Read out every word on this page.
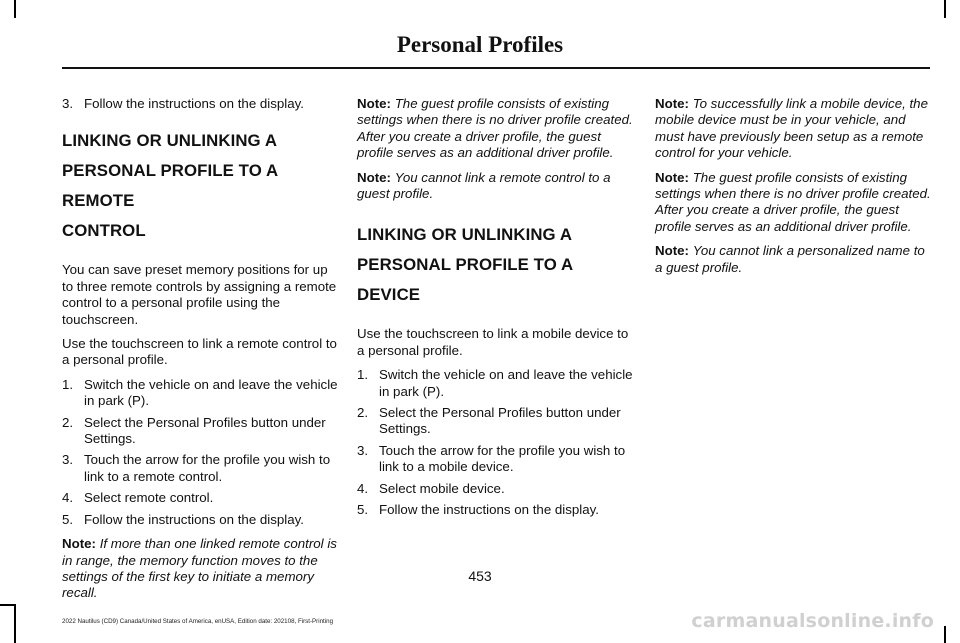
Personal Profiles
3. Follow the instructions on the display.
LINKING OR UNLINKING A
PERSONAL PROFILE TO A REMOTE
CONTROL

You can save preset memory positions for up to three remote controls by assigning a remote control to a personal profile using the touchscreen.

Use the touchscreen to link a remote control to a personal profile.

1. Switch the vehicle on and leave the vehicle in park (P).
2. Select the Personal Profiles button under Settings.
3. Touch the arrow for the profile you wish to link to a remote control.
4. Select remote control.
5. Follow the instructions on the display.

Note: If more than one linked remote control is in range, the memory function moves to the settings of the first key to initiate a memory recall.

Note: The guest profile consists of existing settings when there is no driver profile created. After you create a driver profile, the guest profile serves as an additional driver profile.

Note: You cannot link a remote control to a guest profile.

LINKING OR UNLINKING A
PERSONAL PROFILE TO A DEVICE

Use the touchscreen to link a mobile device to a personal profile.

1. Switch the vehicle on and leave the vehicle in park (P).
2. Select the Personal Profiles button under Settings.
3. Touch the arrow for the profile you wish to link to a mobile device.
4. Select mobile device.
5. Follow the instructions on the display.

Note: To successfully link a mobile device, the mobile device must be in your vehicle, and must have previously been setup as a remote control for your vehicle.

Note: The guest profile consists of existing settings when there is no driver profile created. After you create a driver profile, the guest profile serves as an additional driver profile.

Note: You cannot link a personalized name to a guest profile.

453
2022 Nautilus (CD9) Canada/United States of America, enUSA, Edition date: 202108, First-Printing	carmanualsonline.info
